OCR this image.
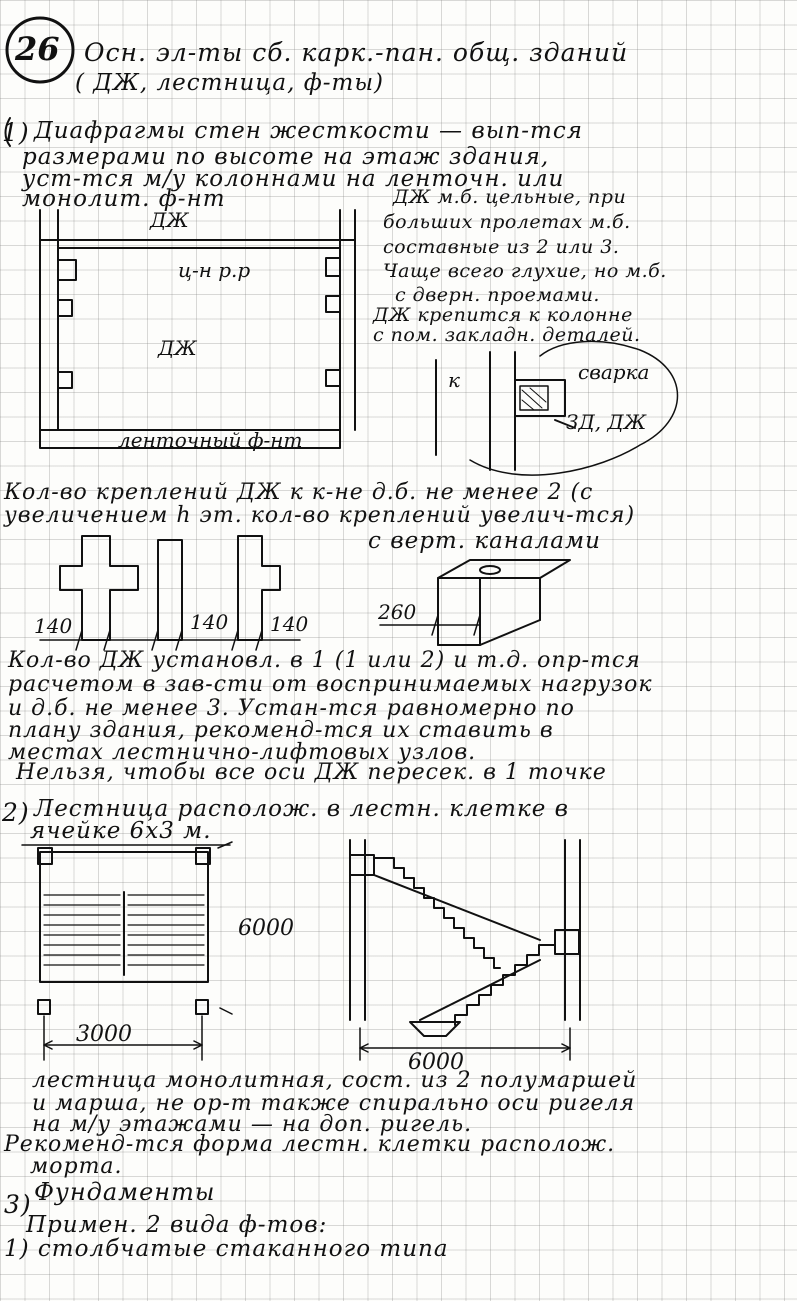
26 Осн. эл-ты сб. карк.-пан. общ. зданий
( ДЖ, лестница, ф-ты)
1) Диафрагмы стен жесткости — вып-тся
размерами по высоте на этаж здания,
уст-тся м/у колоннами на ленточн. или
монолит. ф-нт
ДЖ
ц-н р.р
ДЖ
ленточный ф-нт
ДЖ м.б. цельные, при
больших пролетах м.б.
составные из 2 или 3.
Чаще всего глухие, но м.б.
с дверн. проемами.
ДЖ крепится к колонне
с пом. закладн. деталей.
к	сварка
ЗД, ДЖ
Кол-во креплений ДЖ к к-не д.б. не менее 2 (с
увеличением h эт. кол-во креплений увелич-тся)
140	140 140	260
с верт. каналами
Кол-во ДЖ установл. в 1 (1 или 2) и т.д. опр-тся
расчетом в зав-сти от воспринимаемых нагрузок
и д.б. не менее 3. Устан-тся равномерно по
плану здания, рекоменд-тся их ставить в
местах лестнично-лифтовых узлов.
Нельзя, чтобы все оси ДЖ пересек. в 1 точке
2) Лестница располож. в лестн. клетке в
ячейке 6х3 м.
6000
3000
6000
лестница монолитная, сост. из 2 полумаршей
и марша, не ор-т также спирально оси ригеля
на м/у этажами — на доп. ригель.
Рекоменд-тся форма лестн. клетки располож.
морта.
3) Фундаменты
Примен. 2 вида ф-тов:
1) столбчатые стаканного типа
